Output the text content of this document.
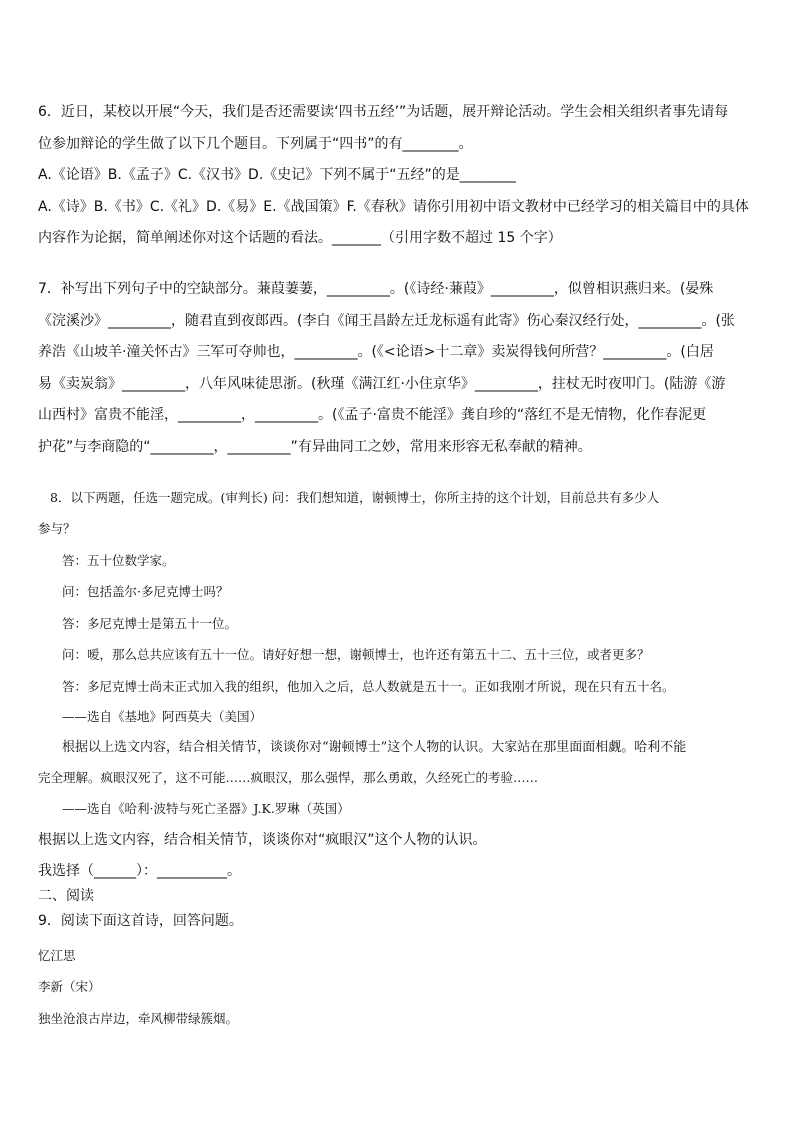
6．近日，某校以开展“今天，我们是否还需要读‘四书五经’”为话题，展开辩论活动。学生会相关组织者事先请每
位参加辩论的学生做了以下几个题目。下列属于“四书”的有________。
A.《论语》B.《孟子》C.《汉书》D.《史记》下列不属于“五经”的是________
A.《诗》B.《书》C.《礼》D.《易》E.《战国策》F.《春秋》请你引用初中语文教材中已经学习的相关篇目中的具体
内容作为论据，简单阐述你对这个话题的看法。_______（引用字数不超过 15 个字）
7．补写出下列句子中的空缺部分。蒹葭萋萋，_________。(《诗经·蒹葭》_________，似曾相识燕归来。(晏殊
《浣溪沙》_________，随君直到夜郎西。(李白《闻王昌龄左迁龙标遥有此寄》伤心秦汉经行处，_________。(张
养浩《山坡羊·潼关怀古》三军可夺帅也，_________。(《<论语>十二章》卖炭得钱何所营？_________。(白居
易《卖炭翁》_________，八年风味徒思浙。(秋瑾《满江红·小住京华》_________，拄杖无时夜叩门。(陆游《游
山西村》富贵不能淫，_________，_________。(《孟子·富贵不能淫》龚自珍的“落红不是无情物，化作春泥更
护花”与李商隐的“_________，_________”有异曲同工之妙，常用来形容无私奉献的精神。
8．以下两题，任选一题完成。(审判长) 问：我们想知道，谢顿博士，你所主持的这个计划，目前总共有多少人
参与？
答：五十位数学家。
问：包括盖尔·多尼克博士吗？
答：多尼克博士是第五十一位。
问：嗳，那么总共应该有五十一位。请好好想一想，谢顿博士，也许还有第五十二、五十三位，或者更多？
答：多尼克博士尚未正式加入我的组织，他加入之后，总人数就是五十一。正如我刚才所说，现在只有五十名。
——选自《基地》阿西莫夫（美国）
根据以上选文内容，结合相关情节，谈谈你对“谢顿博士”这个人物的认识。大家站在那里面面相觑。哈利不能
完全理解。疯眼汉死了，这不可能……疯眼汉，那么强悍，那么勇敢，久经死亡的考验……
——选自《哈利·波特与死亡圣器》J.K.罗琳（英国）
根据以上选文内容，结合相关情节，谈谈你对“疯眼汉”这个人物的认识。
我选择（______）：__________。
二、阅读
9．阅读下面这首诗，回答问题。
忆江思
李新（宋）
独坐沧浪古岸边，牵风柳带绿簇烟。
